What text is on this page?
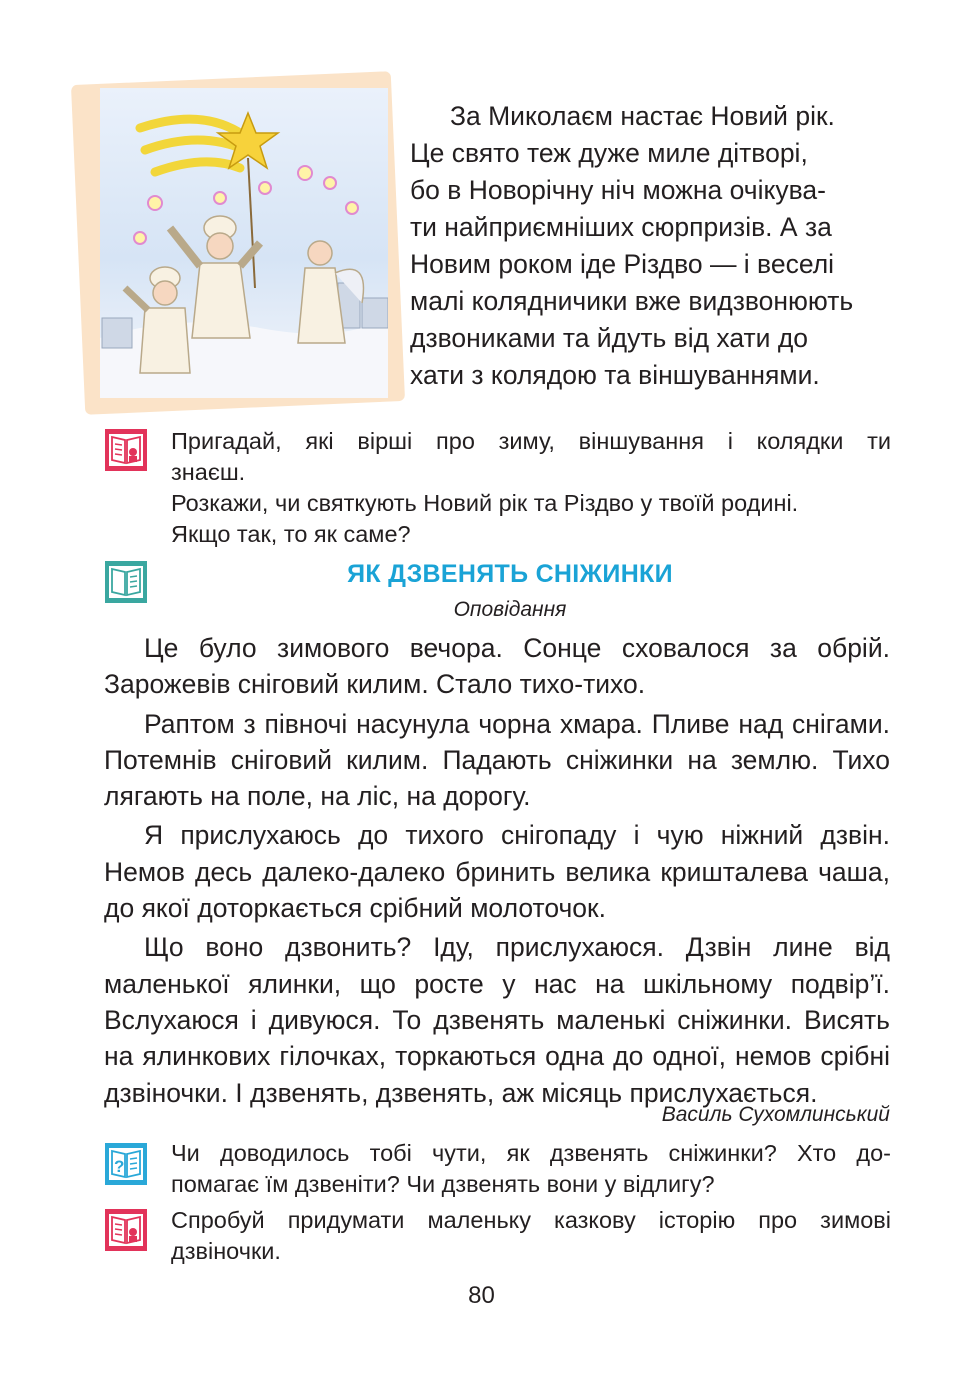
За Миколаєм настає Новий рік.

Це свято теж дуже миле дітворі,

бо в Новорічну ніч можна очікува-

ти найприємніших сюрпризів. А за

Новим роком іде Різдво — і веселі

малі колядничики вже видзвонюють

дзвониками та йдуть від хати до

хати з колядою та віншуваннями.

Пригадай, які вірші про зиму, віншування і колядки ти

знаєш.

Розкажи, чи святкують Новий рік та Різдво у твоїй родині.

Якщо так, то як саме?

ЯК ДЗВЕНЯТЬ СНІЖИНКИ
Оповідання

Це було зимового вечора. Сонце сховалося за обрій. Зарожевів сніговий килим. Стало тихо-тихо.

Раптом з півночі насунула чорна хмара. Пливе над снігами. Потемнів сніговий килим. Падають сніжинки на землю. Тихо лягають на поле, на ліс, на дорогу.

Я прислухаюсь до тихого снігопаду і чую ніжний дзвін. Немов десь далеко-далеко бринить велика кришталева чаша, до якої доторкається срібний молоточок.

Що воно дзвонить? Іду, прислухаюся. Дзвін лине від маленької ялинки, що росте у нас на шкільному подвір’ї. Вслухаюся і дивуюся. То дзвенять маленькі сніжинки. Висять на ялинкових гілочках, торкаються одна до одної, немов срібні дзвіночки. І дзвенять, дзвенять, аж місяць прислухається.

Василь Сухомлинський
?

Чи доводилось тобі чути, як дзвенять сніжинки? Хто до-

помагає їм дзвеніти? Чи дзвенять вони у відлигу?

Спробуй придумати маленьку казкову історію про зимові

дзвіночки.

80
